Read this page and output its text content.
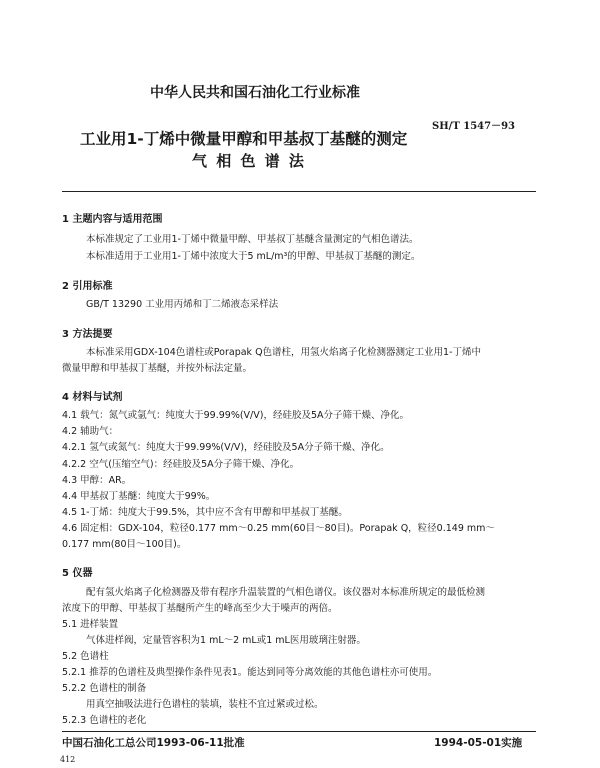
中华人民共和国石油化工行业标准
SH/T 1547－93
工业用1-丁烯中微量甲醇和甲基叔丁基醚的测定
气 相 色 谱 法
1 主题内容与适用范围
本标准规定了工业用1-丁烯中微量甲醇、甲基叔丁基醚含量测定的气相色谱法。
本标准适用于工业用1-丁烯中浓度大于5 mL/m³的甲醇、甲基叔丁基醚的测定。
2 引用标准
GB/T 13290 工业用丙烯和丁二烯液态采样法
3 方法提要
本标准采用GDX-104色谱柱或Porapak Q色谱柱，用氢火焰离子化检测器测定工业用1-丁烯中
微量甲醇和甲基叔丁基醚，并按外标法定量。
4 材料与试剂
4.1 载气：氮气或氩气：纯度大于99.99%(V/V)，经硅胶及5A分子筛干燥、净化。
4.2 辅助气：
4.2.1 氢气或氮气：纯度大于99.99%(V/V)，经硅胶及5A分子筛干燥、净化。
4.2.2 空气(压缩空气)：经硅胶及5A分子筛干燥、净化。
4.3 甲醇：AR。
4.4 甲基叔丁基醚：纯度大于99%。
4.5 1-丁烯：纯度大于99.5%，其中应不含有甲醇和甲基叔丁基醚。
4.6 固定相：GDX-104，粒径0.177 mm～0.25 mm(60目～80目)。Porapak Q，粒径0.149 mm～
0.177 mm(80目～100目)。
5 仪器
配有氢火焰离子化检测器及带有程序升温装置的气相色谱仪。该仪器对本标准所规定的最低检测
浓度下的甲醇、甲基叔丁基醚所产生的峰高至少大于噪声的两倍。
5.1 进样装置
气体进样阀，定量管容积为1 mL～2 mL或1 mL医用玻璃注射器。
5.2 色谱柱
5.2.1 推荐的色谱柱及典型操作条件见表1。能达到同等分离效能的其他色谱柱亦可使用。
5.2.2 色谱柱的制备
用真空抽吸法进行色谱柱的装填，装柱不宜过紧或过松。
5.2.3 色谱柱的老化
中国石油化工总公司1993-06-11批准	1994-05-01实施
412
